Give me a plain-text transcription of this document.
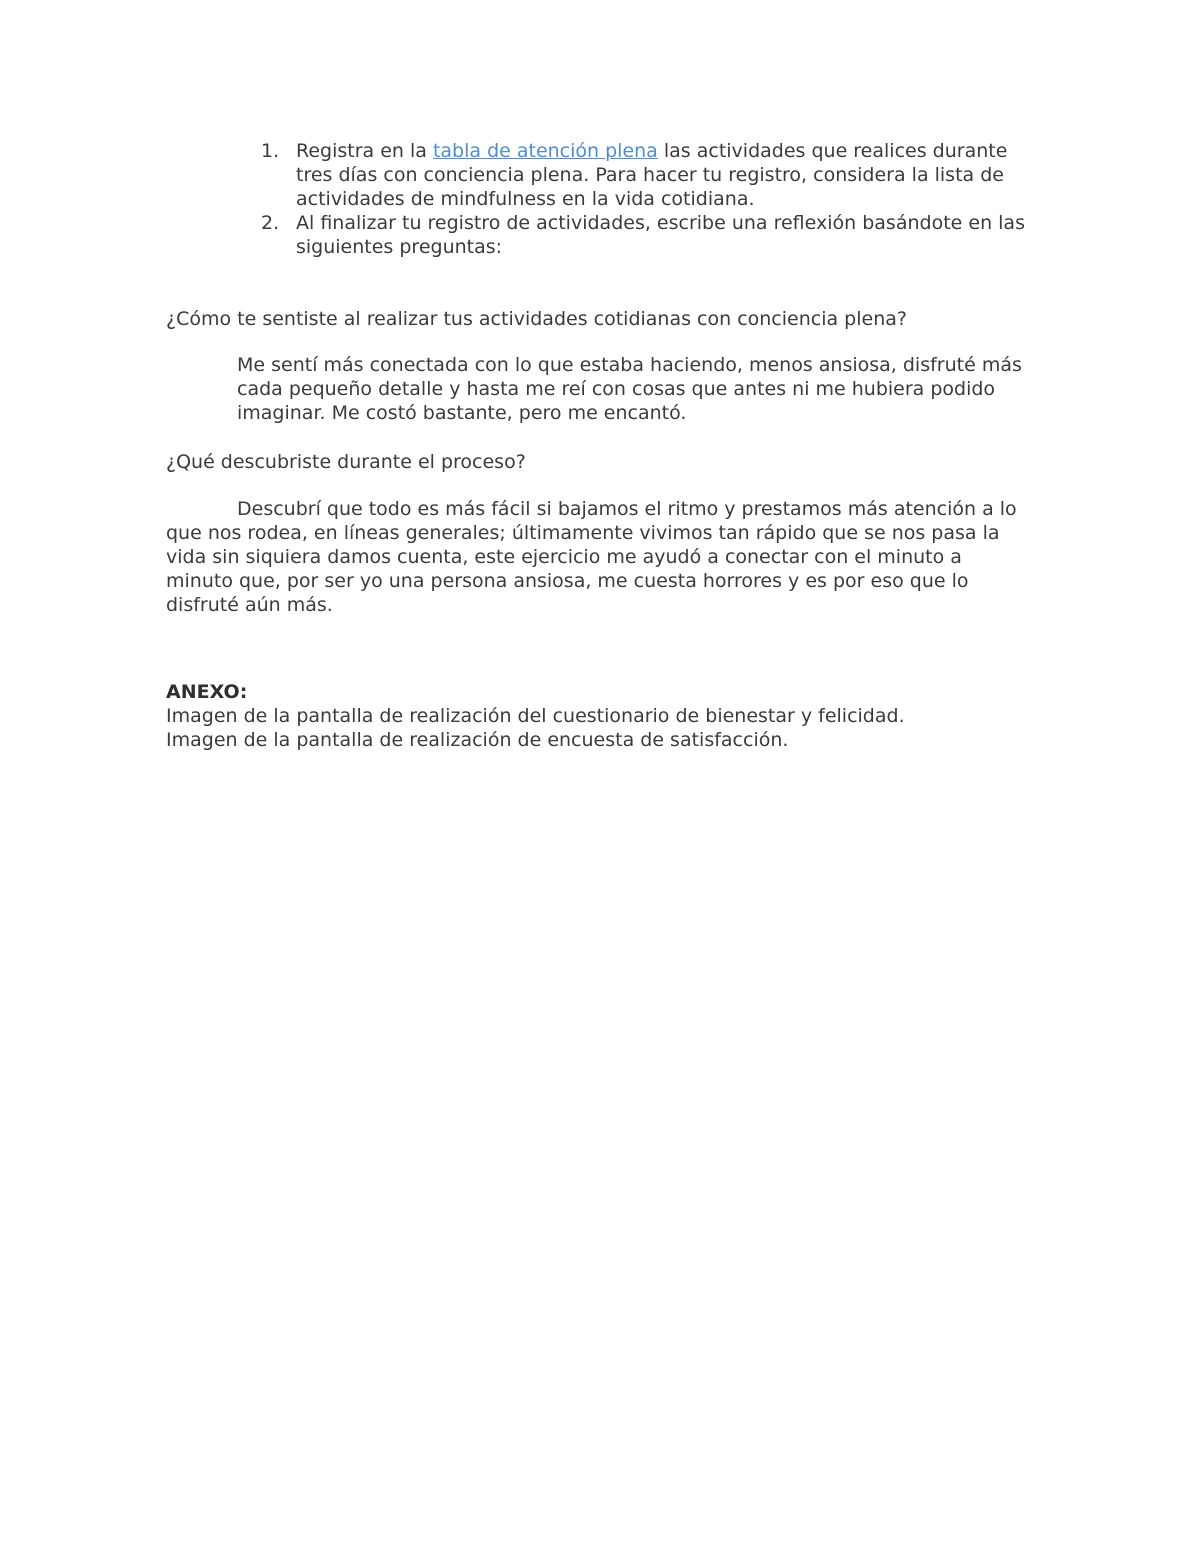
1. Registra en la tabla de atención plena las actividades que realices durante tres días con conciencia plena. Para hacer tu registro, considera la lista de actividades de mindfulness en la vida cotidiana.
2. Al finalizar tu registro de actividades, escribe una reflexión basándote en las siguientes preguntas:

¿Cómo te sentiste al realizar tus actividades cotidianas con conciencia plena?

Me sentí más conectada con lo que estaba haciendo, menos ansiosa, disfruté más cada pequeño detalle y hasta me reí con cosas que antes ni me hubiera podido imaginar. Me costó bastante, pero me encantó.

¿Qué descubriste durante el proceso?

Descubrí que todo es más fácil si bajamos el ritmo y prestamos más atención a lo que nos rodea, en líneas generales; últimamente vivimos tan rápido que se nos pasa la vida sin siquiera damos cuenta, este ejercicio me ayudó a conectar con el minuto a minuto que, por ser yo una persona ansiosa, me cuesta horrores y es por eso que lo disfruté aún más.

ANEXO:

Imagen de la pantalla de realización del cuestionario de bienestar y felicidad.

Imagen de la pantalla de realización de encuesta de satisfacción.
